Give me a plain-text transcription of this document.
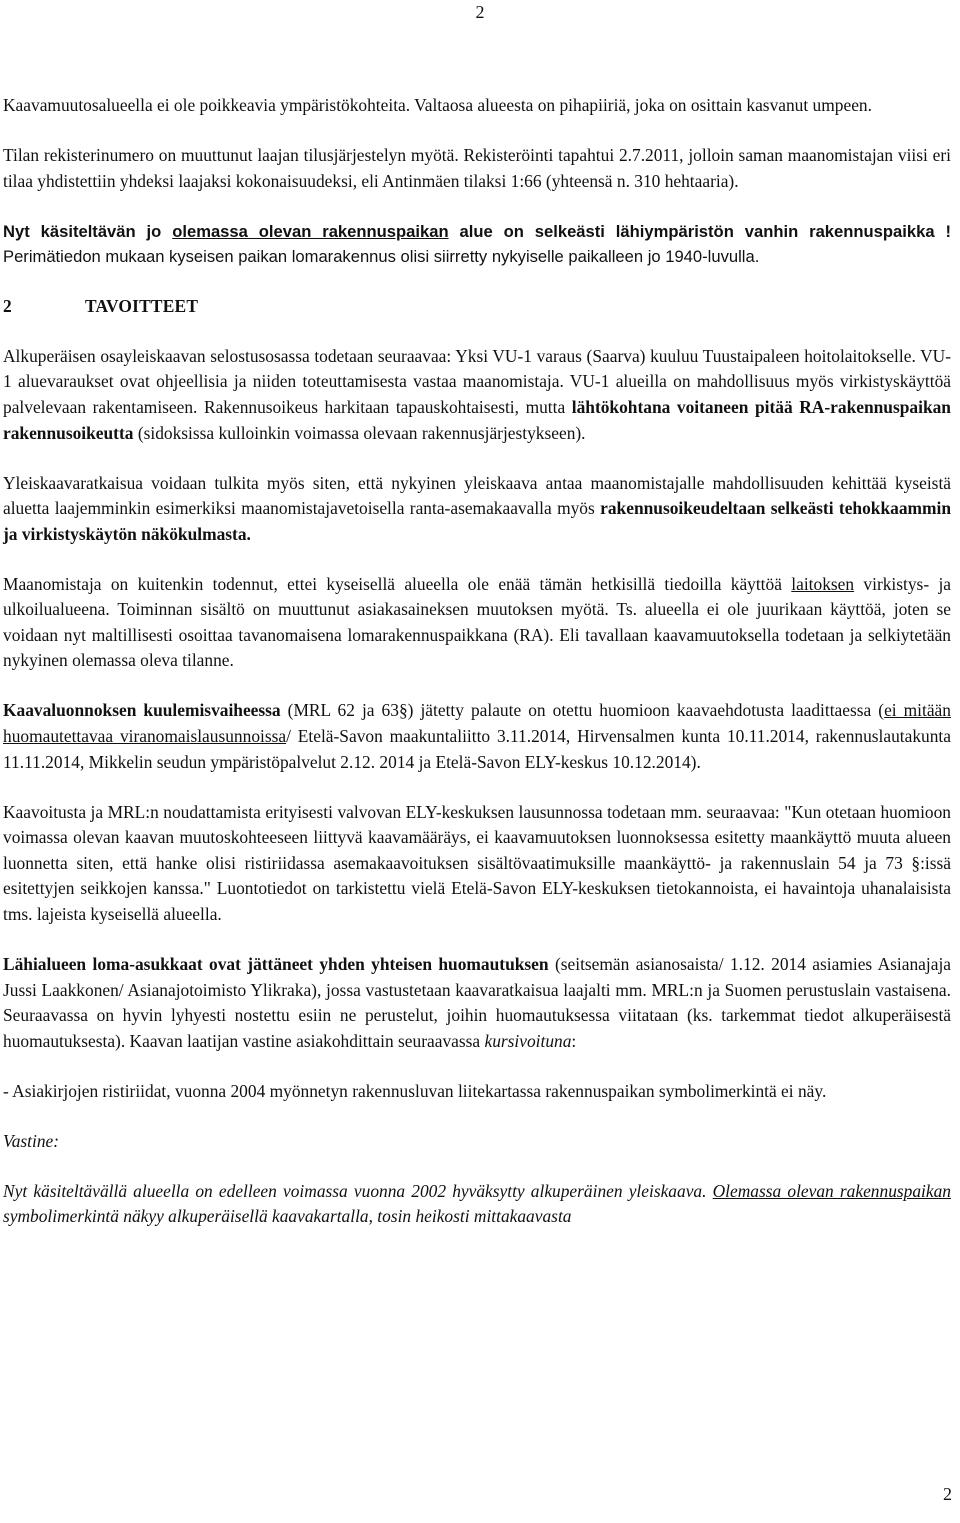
2

Kaavamuutosalueella ei ole poikkeavia ympäristökohteita. Valtaosa alueesta on pihapiiriä, joka on osittain kasvanut umpeen.

Tilan rekisterinumero on muuttunut laajan tilusjärjestelyn myötä. Rekisteröinti tapahtui 2.7.2011, jolloin saman maanomistajan viisi eri tilaa yhdistettiin yhdeksi laajaksi kokonaisuudeksi, eli Antinmäen tilaksi 1:66 (yhteensä n. 310 hehtaaria).

Nyt käsiteltävän jo olemassa olevan rakennuspaikan alue on selkeästi lähiympäristön vanhin rakennuspaikka ! Perimätiedon mukaan kyseisen paikan lomarakennus olisi siirretty nykyiselle paikalleen jo 1940-luvulla.

2	TAVOITTEET

Alkuperäisen osayleiskaavan selostusosassa todetaan seuraavaa: Yksi VU-1 varaus (Saarva) kuuluu Tuustaipaleen hoitolaitokselle. VU-1 aluevaraukset ovat ohjeellisia ja niiden toteuttamisesta vastaa maanomistaja. VU-1 alueilla on mahdollisuus myös virkistyskäyttöä palvelevaan rakentamiseen. Rakennusoikeus harkitaan tapauskohtaisesti, mutta lähtökohtana voitaneen pitää RA-rakennuspaikan rakennusoikeutta (sidoksissa kulloinkin voimassa olevaan rakennusjärjestykseen).

Yleiskaavaratkaisua voidaan tulkita myös siten, että nykyinen yleiskaava antaa maanomistajalle mahdollisuuden kehittää kyseistä aluetta laajemminkin esimerkiksi maanomistajavetoisella ranta-asemakaavalla myös rakennusoikeudeltaan selkeästi tehokkaammin ja virkistyskäytön näkökulmasta.

Maanomistaja on kuitenkin todennut, ettei kyseisellä alueella ole enää tämän hetkisillä tiedoilla käyttöä laitoksen virkistys- ja ulkoilualueena. Toiminnan sisältö on muuttunut asiakasaineksen muutoksen myötä. Ts. alueella ei ole juurikaan käyttöä, joten se voidaan nyt maltillisesti osoittaa tavanomaisena lomarakennuspaikkana (RA). Eli tavallaan kaavamuutoksella todetaan ja selkiytetään nykyinen olemassa oleva tilanne.

Kaavaluonnoksen kuulemisvaiheessa (MRL 62 ja 63§) jätetty palaute on otettu huomioon kaavaehdotusta laadittaessa (ei mitään huomautettavaa viranomaislausunnoissa/ Etelä-Savon maakuntaliitto 3.11.2014, Hirvensalmen kunta 10.11.2014, rakennuslautakunta 11.11.2014, Mikkelin seudun ympäristöpalvelut 2.12. 2014 ja Etelä-Savon ELY-keskus 10.12.2014).

Kaavoitusta ja MRL:n noudattamista erityisesti valvovan ELY-keskuksen lausunnossa todetaan mm. seuraavaa: "Kun otetaan huomioon voimassa olevan kaavan muutoskohteeseen liittyvä kaavamääräys, ei kaavamuutoksen luonnoksessa esitetty maankäyttö muuta alueen luonnetta siten, että hanke olisi ristiriidassa asemakaavoituksen sisältövaatimuksille maankäyttö- ja rakennuslain 54 ja 73 §:issä esitettyjen seikkojen kanssa." Luontotiedot on tarkistettu vielä Etelä-Savon ELY-keskuksen tietokannoista, ei havaintoja uhanalaisista tms. lajeista kyseisellä alueella.

Lähialueen loma-asukkaat ovat jättäneet yhden yhteisen huomautuksen (seitsemän asianosaista/ 1.12. 2014 asiamies Asianajaja Jussi Laakkonen/ Asianajotoimisto Ylikraka), jossa vastustetaan kaavaratkaisua laajalti mm. MRL:n ja Suomen perustuslain vastaisena. Seuraavassa on hyvin lyhyesti nostettu esiin ne perustelut, joihin huomautuksessa viitataan (ks. tarkemmat tiedot alkuperäisestä huomautuksesta). Kaavan laatijan vastine asiakohdittain seuraavassa kursivoituna:

- Asiakirjojen ristiriidat, vuonna 2004 myönnetyn rakennusluvan liitekartassa rakennuspaikan symbolimerkintä ei näy.

Vastine:

Nyt käsiteltävällä alueella on edelleen voimassa vuonna 2002 hyväksytty alkuperäinen yleiskaava. Olemassa olevan rakennuspaikan symbolimerkintä näkyy alkuperäisellä kaavakartalla, tosin heikosti mittakaavasta

2
